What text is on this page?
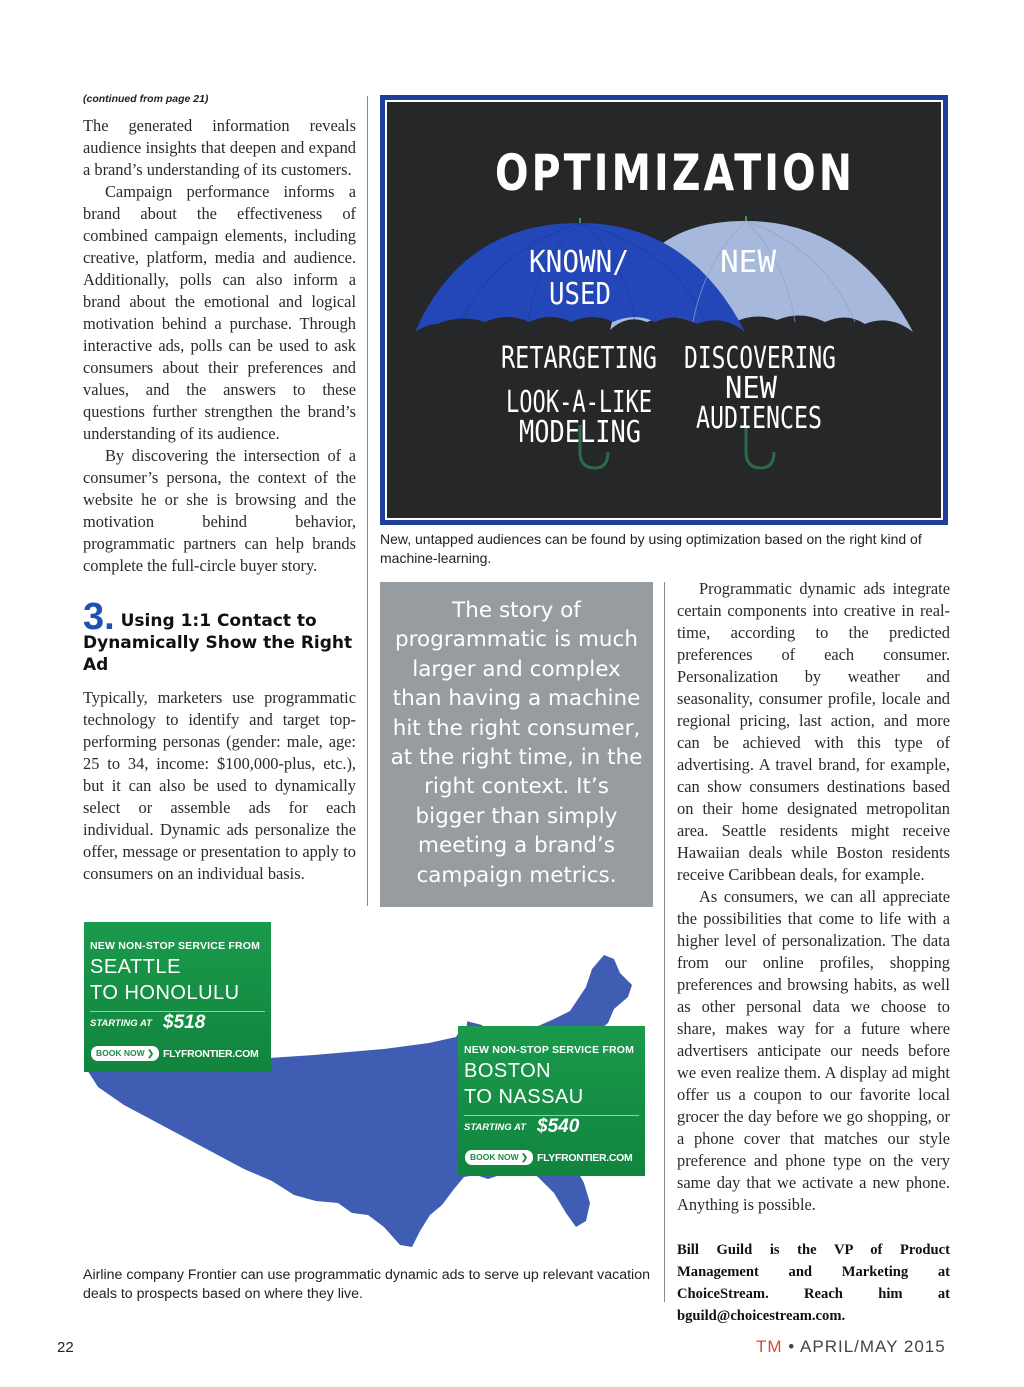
(continued from page 21)

The generated information reveals audience insights that deepen and expand a brand’s understanding of its customers.

Campaign performance informs a brand about the effectiveness of combined campaign elements, including creative, platform, media and audience. Additionally, polls can also inform a brand about the emotional and logical motivation behind a purchase. Through interactive ads, polls can be used to ask consumers about their preferences and values, and the answers to these questions further strengthen the brand’s understanding of its audience.

By discovering the intersection of a consumer’s persona, the context of the website he or she is browsing and the motivation behind behavior, programmatic partners can help brands complete the full-circle buyer story.

3. Using 1:1 Contact to Dynamically Show the Right Ad

Typically, marketers use programmatic technology to identify and target top-performing personas (gender: male, age: 25 to 34, income: $100,000-plus, etc.), but it can also be used to dynamically select or assemble ads for each individual. Dynamic ads personalize the offer, message or presentation to apply to consumers on an individual basis.

OPTIMIZATION
KNOWN/
USED
NEW
RETARGETING
LOOK-A-LIKE
MODELING
DISCOVERING
NEW
AUDIENCES
New, untapped audiences can be found by using optimization based on the right kind of machine-learning.
The story of programmatic is much larger and complex than having a machine hit the right consumer, at the right time, in the right context. It’s bigger than simply meeting a brand’s campaign metrics.

Programmatic dynamic ads integrate certain components into creative in real-time, according to the predicted preferences of each consumer. Personalization by weather and seasonality, consumer profile, locale and regional pricing, last action, and more can be achieved with this type of advertising. A travel brand, for example, can show consumers destinations based on their home designated metropolitan area. Seattle residents might receive Hawaiian deals while Boston residents receive Caribbean deals, for example.

As consumers, we can all appreciate the possibilities that come to life with a higher level of personalization. The data from our online profiles, shopping preferences and browsing habits, as well as other personal data we choose to share, makes way for a future where advertisers anticipate our needs before we even realize them. A display ad might offer us a coupon to our favorite local grocer the day before we go shopping, or a phone cover that matches our style preference and phone type on the very same day that we activate a new phone. Anything is possible.

Bill Guild is the VP of Product Management and Marketing at ChoiceStream. Reach him at bguild@choicestream.com.
NEW NON-STOP SERVICE FROM
SEATTLE
TO HONOLULU
STARTING AT $518
BOOK NOW ❯ FLYFRONTIER.COM	NEW NON-STOP SERVICE FROM
BOSTON
TO NASSAU
STARTING AT $540
BOOK NOW ❯ FLYFRONTIER.COM
Airline company Frontier can use programmatic dynamic ads to serve up relevant vacation deals to prospects based on where they live.
22	TM • APRIL/MAY 2015
